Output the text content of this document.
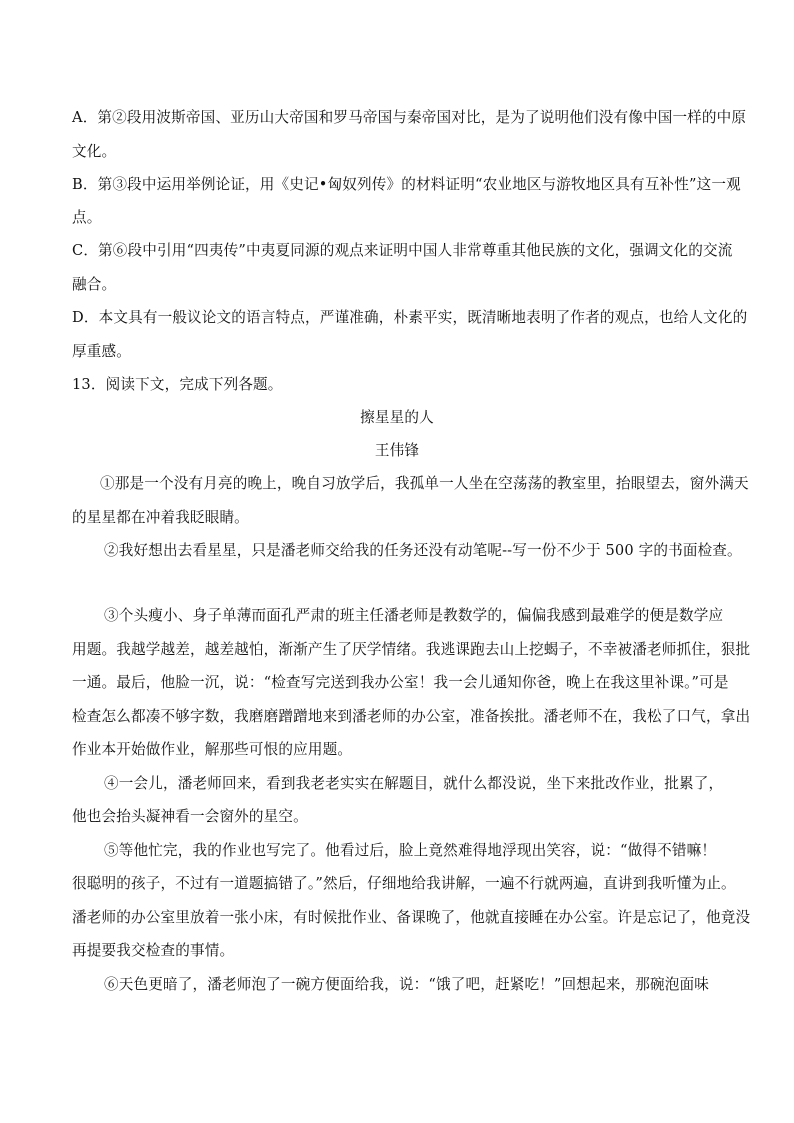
A．第②段用波斯帝国、亚历山大帝国和罗马帝国与秦帝国对比，是为了说明他们没有像中国一样的中原
文化。
B．第③段中运用举例论证，用《史记•匈奴列传》的材料证明“农业地区与游牧地区具有互补性”这一观
点。
C．第⑥段中引用“四夷传”中夷夏同源的观点来证明中国人非常尊重其他民族的文化，强调文化的交流
融合。
D．本文具有一般议论文的语言特点，严谨准确，朴素平实，既清晰地表明了作者的观点，也给人文化的
厚重感。
13．阅读下文，完成下列各题。
擦星星的人
王伟锋
①那是一个没有月亮的晚上，晚自习放学后，我孤单一人坐在空荡荡的教室里，抬眼望去，窗外满天
的星星都在冲着我眨眼睛。
②我好想出去看星星，只是潘老师交给我的任务还没有动笔呢--写一份不少于 500 字的书面检查。
③个头瘦小、身子单薄而面孔严肃的班主任潘老师是教数学的，偏偏我感到最难学的便是数学应
用题。我越学越差，越差越怕，渐渐产生了厌学情绪。我逃课跑去山上挖蝎子，不幸被潘老师抓住，狠批
一通。最后，他脸一沉，说：“检查写完送到我办公室！我一会儿通知你爸，晚上在我这里补课。”可是
检查怎么都凑不够字数，我磨磨蹭蹭地来到潘老师的办公室，准备挨批。潘老师不在，我松了口气，拿出
作业本开始做作业，解那些可恨的应用题。
④一会儿，潘老师回来，看到我老老实实在解题目，就什么都没说，坐下来批改作业，批累了，
他也会抬头凝神看一会窗外的星空。
⑤等他忙完，我的作业也写完了。他看过后，脸上竟然难得地浮现出笑容，说：“做得不错嘛！
很聪明的孩子，不过有一道题搞错了。”然后，仔细地给我讲解，一遍不行就两遍，直讲到我听懂为止。
潘老师的办公室里放着一张小床，有时候批作业、备课晚了，他就直接睡在办公室。许是忘记了，他竟没
再提要我交检查的事情。
⑥天色更暗了，潘老师泡了一碗方便面给我，说：“饿了吧，赶紧吃！”回想起来，那碗泡面味
